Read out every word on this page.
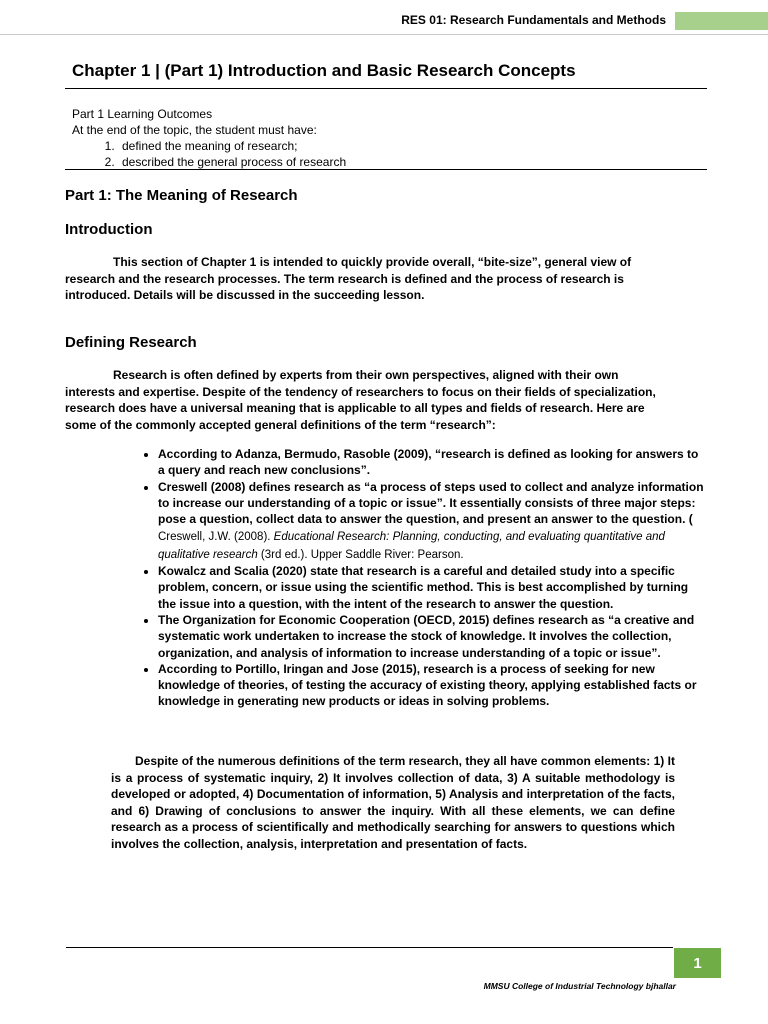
RES 01: Research Fundamentals and Methods
Chapter 1 | (Part 1) Introduction and Basic Research Concepts
Part 1 Learning Outcomes
At the end of the topic, the student must have:
1. defined the meaning of research;
2. described the general process of research
Part 1: The Meaning of Research
Introduction

This section of Chapter 1 is intended to quickly provide overall, “bite-size”, general view of research and the research processes. The term research is defined and the process of research is introduced. Details will be discussed in the succeeding lesson.

Defining Research

Research is often defined by experts from their own perspectives, aligned with their own interests and expertise. Despite of the tendency of researchers to focus on their fields of specialization, research does have a universal meaning that is applicable to all types and fields of research. Here are some of the commonly accepted general definitions of the term “research”:

• According to Adanza, Bermudo, Rasoble (2009), “research is defined as looking for answers to a query and reach new conclusions”.
• Creswell (2008) defines research as “a process of steps used to collect and analyze information to increase our understanding of a topic or issue”. It essentially consists of three major steps: pose a question, collect data to answer the question, and present an answer to the question. ( Creswell, J.W. (2008). Educational Research: Planning, conducting, and evaluating quantitative and qualitative research (3rd ed.). Upper Saddle River: Pearson.
• Kowalcz and Scalia (2020) state that research is a careful and detailed study into a specific problem, concern, or issue using the scientific method. This is best accomplished by turning the issue into a question, with the intent of the research to answer the question.
• The Organization for Economic Cooperation (OECD, 2015) defines research as “a creative and systematic work undertaken to increase the stock of knowledge. It involves the collection, organization, and analysis of information to increase understanding of a topic or issue”.
• According to Portillo, Iringan and Jose (2015), research is a process of seeking for new knowledge of theories, of testing the accuracy of existing theory, applying established facts or knowledge in generating new products or ideas in solving problems.

Despite of the numerous definitions of the term research, they all have common elements: 1) It is a process of systematic inquiry, 2) It involves collection of data, 3) A suitable methodology is developed or adopted, 4) Documentation of information, 5) Analysis and interpretation of the facts, and 6) Drawing of conclusions to answer the inquiry. With all these elements, we can define research as a process of scientifically and methodically searching for answers to questions which involves the collection, analysis, interpretation and presentation of facts.

1
MMSU College of Industrial Technology bjhallar
